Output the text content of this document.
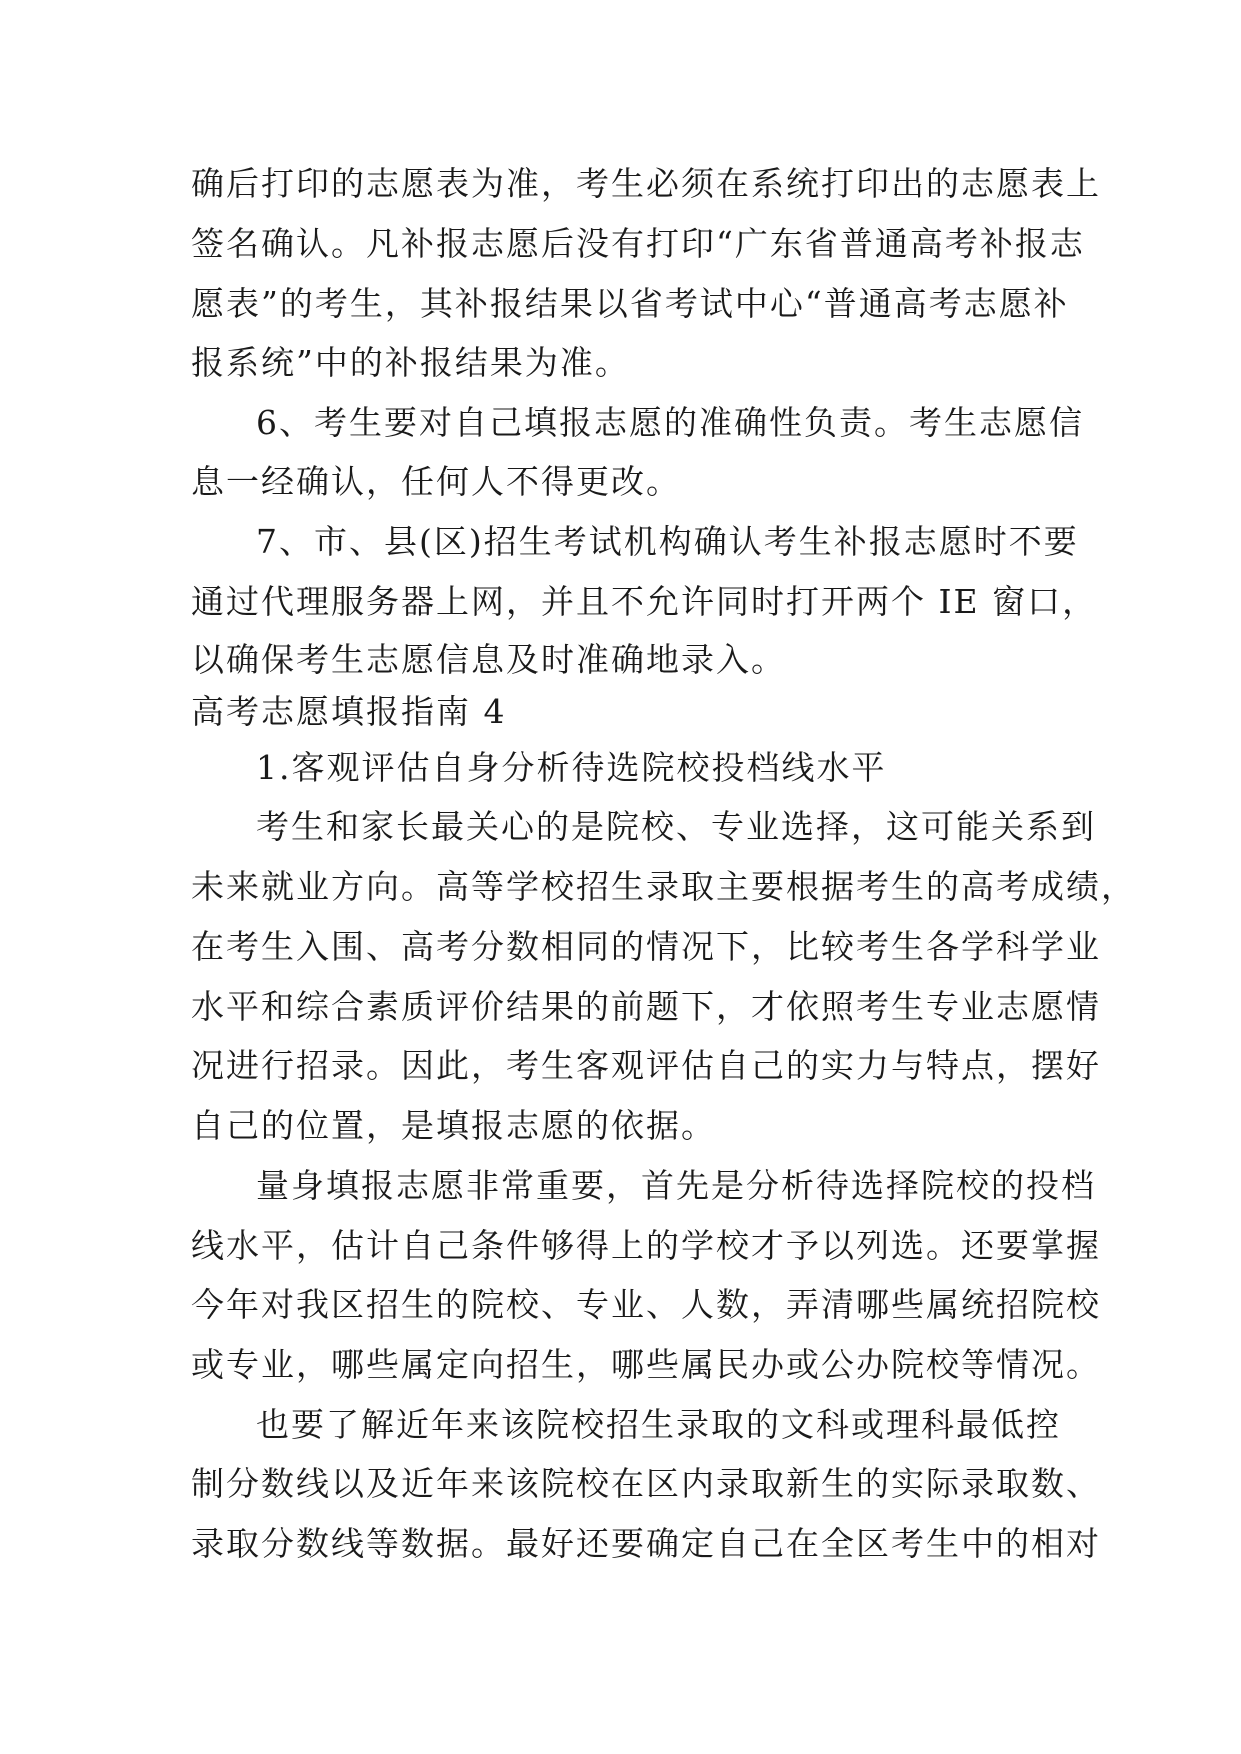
确后打印的志愿表为准，考生必须在系统打印出的志愿表上
签名确认。凡补报志愿后没有打印“广东省普通高考补报志
愿表”的考生，其补报结果以省考试中心“普通高考志愿补
报系统”中的补报结果为准。
6、考生要对自己填报志愿的准确性负责。考生志愿信
息一经确认，任何人不得更改。
7、市、县(区)招生考试机构确认考生补报志愿时不要
通过代理服务器上网，并且不允许同时打开两个 IE 窗口，
以确保考生志愿信息及时准确地录入。
高考志愿填报指南 4
1.客观评估自身分析待选院校投档线水平
考生和家长最关心的是院校、专业选择，这可能关系到
未来就业方向。高等学校招生录取主要根据考生的高考成绩，
在考生入围、高考分数相同的情况下，比较考生各学科学业
水平和综合素质评价结果的前题下，才依照考生专业志愿情
况进行招录。因此，考生客观评估自己的实力与特点，摆好
自己的位置，是填报志愿的依据。
量身填报志愿非常重要，首先是分析待选择院校的投档
线水平，估计自己条件够得上的学校才予以列选。还要掌握
今年对我区招生的院校、专业、人数，弄清哪些属统招院校
或专业，哪些属定向招生，哪些属民办或公办院校等情况。
也要了解近年来该院校招生录取的文科或理科最低控
制分数线以及近年来该院校在区内录取新生的实际录取数、
录取分数线等数据。最好还要确定自己在全区考生中的相对
